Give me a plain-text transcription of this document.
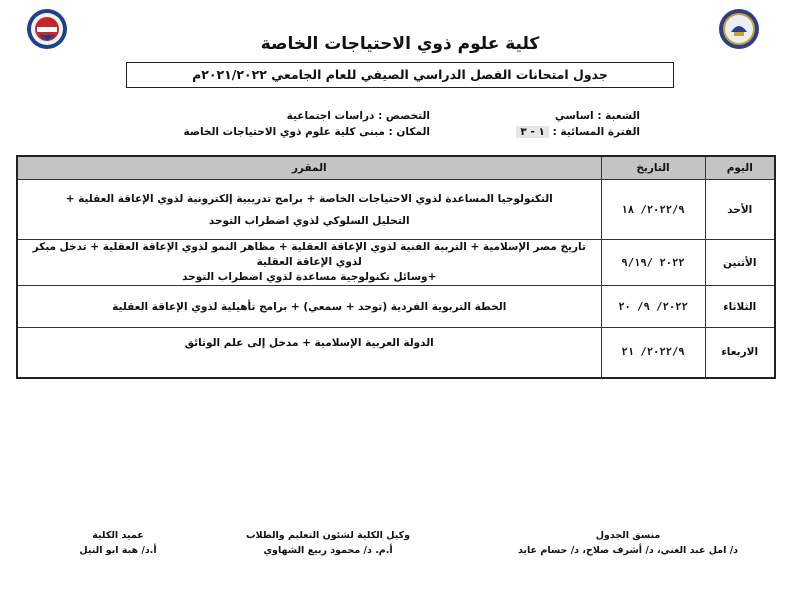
كلية علوم ذوي الاحتياجات الخاصة
جدول امتحانات الفصل الدراسي الصيفي للعام الجامعي ٢٠٢١/٢٠٢٢م
الشعبة : اساسي
الفترة المسائية : ١ - ٣
التخصص : دراسات اجتماعية
المكان : مبنى كلية علوم ذوي الاحتياجات الخاصة
اليوم	التاريخ	المقرر
الأحد	٢٠٢٢/٩/ ١٨	التكنولوجيا المساعدة لذوي الاحتياجات الخاصة + برامج تدريبية إلكترونية لذوي الإعاقة العقلية +
التحليل السلوكي لذوي اضطراب التوحد

الأثنين	٢٠٢٢ /٩/١٩	تاريخ مصر الإسلامية + التربية الفنية لذوي الإعاقة العقلية + مظاهر النمو لذوي الإعاقة العقلية + تدخل مبكر لذوي الإعاقة العقلية
+وسائل تكنولوجية مساعدة لذوي اضطراب التوحد

الثلاثاء	٢٠٢٢/ ٩/ ٢٠	الخطة التربوية الفردية (توحد + سمعي) + برامج تأهيلية لذوي الإعاقة العقلية

الاربعاء	٢٠٢٢/٩/ ٢١	الدولة العربية الإسلامية + مدخل إلى علم الوثائق
منسق الجدول
د/ امل عبد الغني، د/ أشرف صلاح، د/ حسام عايد
وكيل الكلية لشئون التعليم والطلاب
أ.م. د/ محمود ربيع الشهاوي
عميد الكلية
أ.د/ هبة ابو النيل
